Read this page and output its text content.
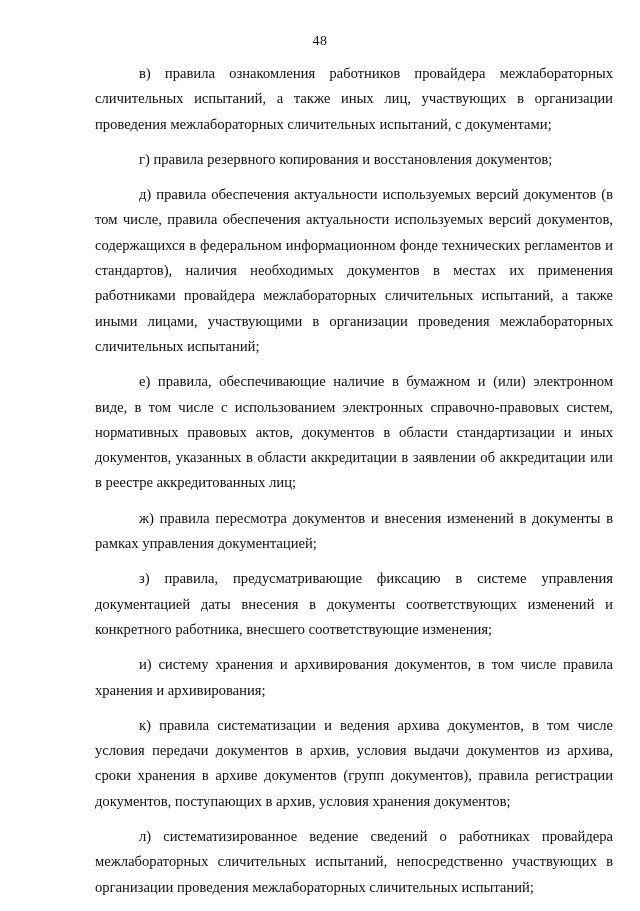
48

в) правила ознакомления работников провайдера межлабораторных сличительных испытаний, а также иных лиц, участвующих в организации проведения межлабораторных сличительных испытаний, с документами;

г) правила резервного копирования и восстановления документов;

д) правила обеспечения актуальности используемых версий документов (в том числе, правила обеспечения актуальности используемых версий документов, содержащихся в федеральном информационном фонде технических регламентов и стандартов), наличия необходимых документов в местах их применения работниками провайдера межлабораторных сличительных испытаний, а также иными лицами, участвующими в организации проведения межлабораторных сличительных испытаний;

е) правила, обеспечивающие наличие в бумажном и (или) электронном виде, в том числе с использованием электронных справочно-правовых систем, нормативных правовых актов, документов в области стандартизации и иных документов, указанных в области аккредитации в заявлении об аккредитации или в реестре аккредитованных лиц;

ж) правила пересмотра документов и внесения изменений в документы в рамках управления документацией;

з) правила, предусматривающие фиксацию в системе управления документацией даты внесения в документы соответствующих изменений и конкретного работника, внесшего соответствующие изменения;

и) систему хранения и архивирования документов, в том числе правила хранения и архивирования;

к) правила систематизации и ведения архива документов, в том числе условия передачи документов в архив, условия выдачи документов из архива, сроки хранения в архиве документов (групп документов), правила регистрации документов, поступающих в архив, условия хранения документов;

л) систематизированное ведение сведений о работниках провайдера межлабораторных сличительных испытаний, непосредственно участвующих в организации проведения межлабораторных сличительных испытаний;
